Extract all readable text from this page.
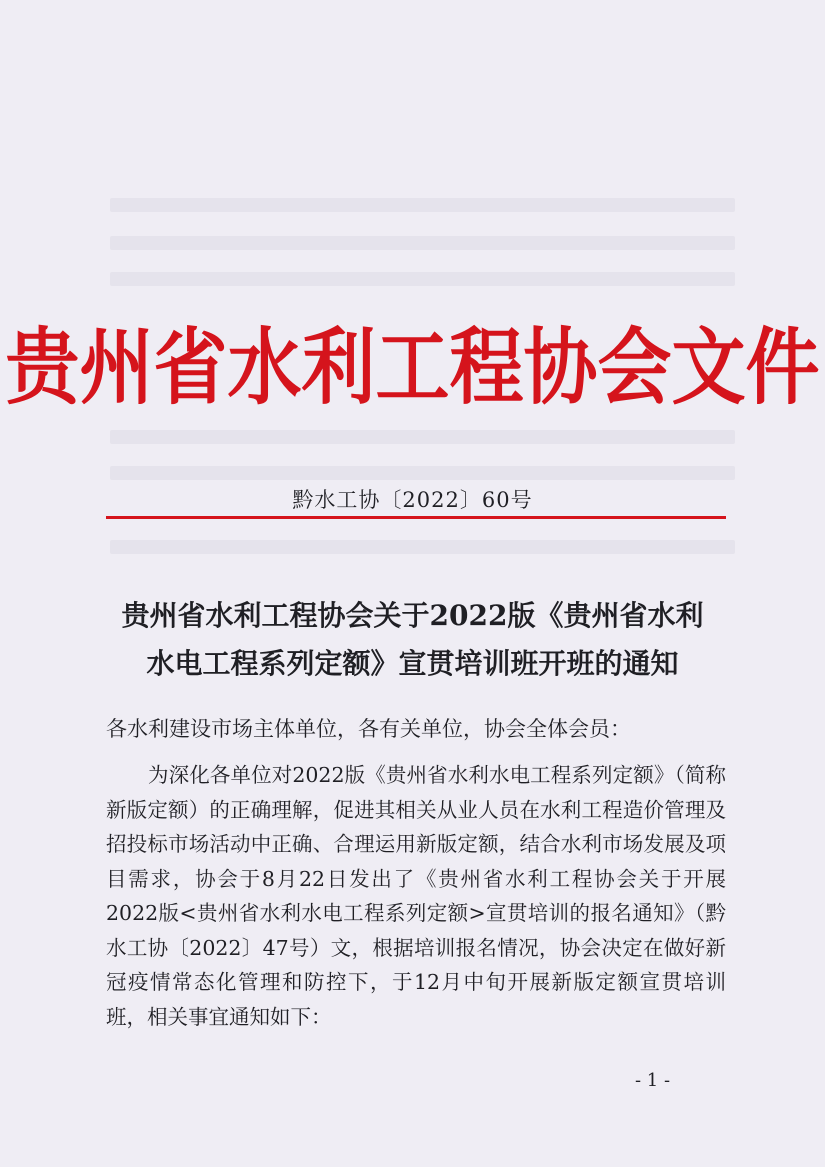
贵州省水利工程协会文件
黔水工协〔2022〕60号
贵州省水利工程协会关于2022版《贵州省水利
水电工程系列定额》宣贯培训班开班的通知
各水利建设市场主体单位，各有关单位，协会全体会员：
为深化各单位对2022版《贵州省水利水电工程系列定额》（简称新版定额）的正确理解，促进其相关从业人员在水利工程造价管理及招投标市场活动中正确、合理运用新版定额，结合水利市场发展及项目需求，协会于8月22日发出了《贵州省水利工程协会关于开展2022版<贵州省水利水电工程系列定额>宣贯培训的报名通知》（黔水工协〔2022〕47号）文，根据培训报名情况，协会决定在做好新冠疫情常态化管理和防控下，于12月中旬开展新版定额宣贯培训班，相关事宜通知如下：
- 1 -
